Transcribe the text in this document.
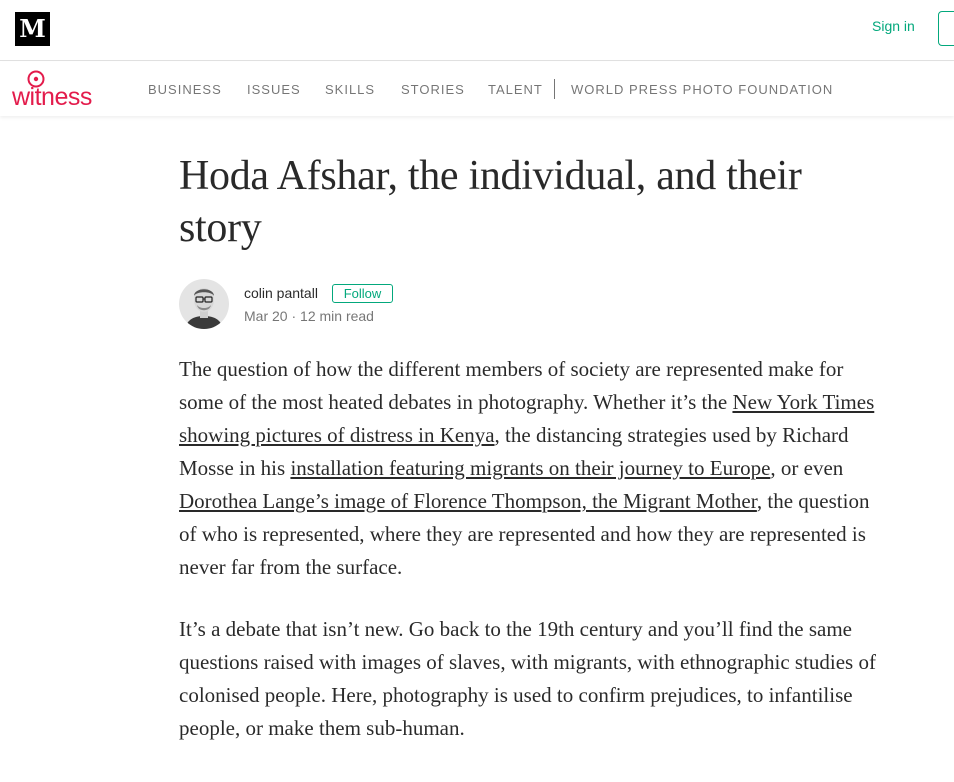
M	Sign in
witness	BUSINESS ISSUES SKILLS STORIES TALENT WORLD PRESS PHOTO FOUNDATION
Hoda Afshar, the individual, and their story
colin pantall	Follow
Mar 20 · 12 min read

The question of how the different members of society are represented make for some of the most heated debates in photography. Whether it’s the New York Times showing pictures of distress in Kenya, the distancing strategies used by Richard Mosse in his installation featuring migrants on their journey to Europe, or even Dorothea Lange’s image of Florence Thompson, the Migrant Mother, the question of who is represented, where they are represented and how they are represented is never far from the surface.

It’s a debate that isn’t new. Go back to the 19th century and you’ll find the same questions raised with images of slaves, with migrants, with ethnographic studies of colonised people. Here, photography is used to confirm prejudices, to infantilise people, or make them sub-human.
